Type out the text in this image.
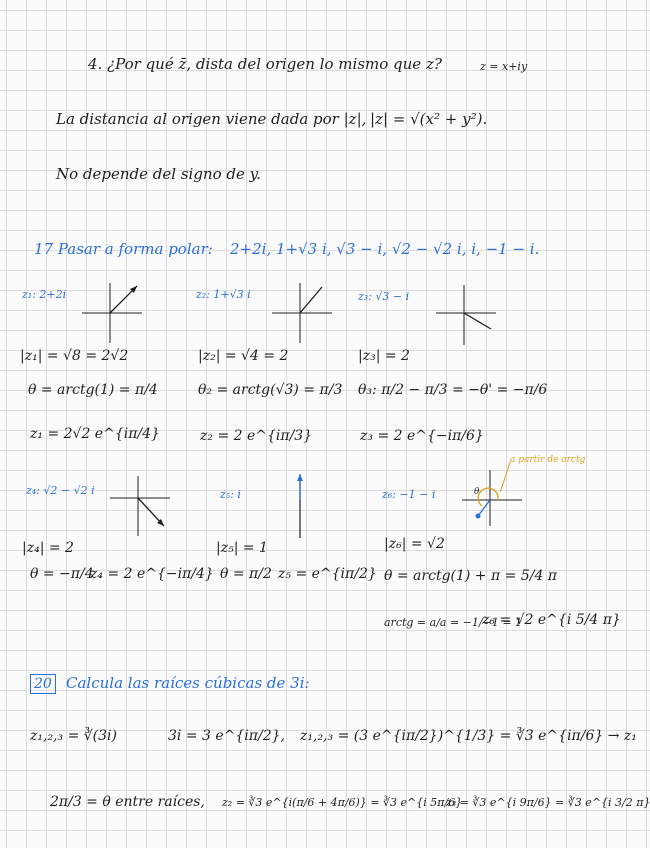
4. ¿Por qué z̄, dista del origen lo mismo que z?	z = x+iy
La distancia al origen viene dada por |z|, |z| = √(x² + y²).
No depende del signo de y.
17 Pasar a forma polar: 2+2i, 1+√3 i, √3 − i, √2 − √2 i, i, −1 − i.
z₁: 2+2i	z₂: 1+√3 i	z₃: √3 − i
|z₁| = √8 = 2√2	|z₂| = √4 = 2	|z₃| = 2
θ = arctg(1) = π/4	θ₂ = arctg(√3) = π/3 θ₃: π/2 − π/3 = −θ' = −π/6
z₁ = 2√2 e^{iπ/4}	z₂ = 2 e^{iπ/3}	z₃ = 2 e^{−iπ/6}
z₄: √2 − √2 i	z₅: i	z₆: −1 − i
a partir de arctg
θ
|z₄| = 2	|z₅| = 1	|z₆| = √2
θ = −π/4
z₄ = 2 e^{−iπ/4} θ = π/2 z₅ = e^{iπ/2} θ = arctg(1) + π = 5/4 π
arctg = a/a = −1/−1 = 1
z₆ = √2 e^{i 5/4 π}
20 Calcula las raíces cúbicas de 3i:
z₁,₂,₃ = ∛(3i)	3i = 3 e^{iπ/2}, z₁,₂,₃ = (3 e^{iπ/2})^{1/3} = ∛3 e^{iπ/6} → z₁
2π/3 = θ entre raíces, z₂ = ∛3 e^{i(π/6 + 4π/6)} = ∛3 e^{i 5π/6}
z₃ = ∛3 e^{i 9π/6} = ∛3 e^{i 3/2 π}
